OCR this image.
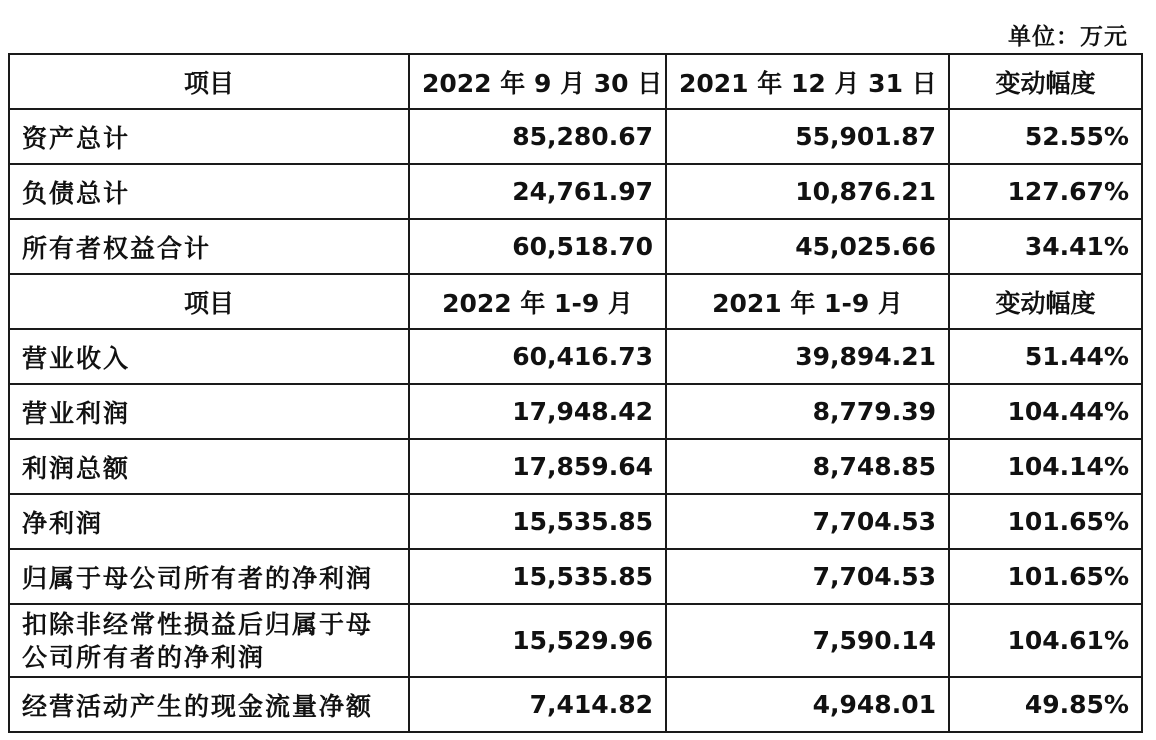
单位：万元
项目	2022 年 9 月 30 日	2021 年 12 月 31 日	变动幅度
资产总计	85,280.67	55,901.87	52.55%
负债总计	24,761.97	10,876.21	127.67%
所有者权益合计	60,518.70	45,025.66	34.41%
项目	2022 年 1-9 月	2021 年 1-9 月	变动幅度
营业收入	60,416.73	39,894.21	51.44%
营业利润	17,948.42	8,779.39	104.44%
利润总额	17,859.64	8,748.85	104.14%
净利润	15,535.85	7,704.53	101.65%
归属于母公司所有者的净利润	15,535.85	7,704.53	101.65%
扣除非经常性损益后归属于母公司所有者的净利润	15,529.96	7,590.14	104.61%
经营活动产生的现金流量净额	7,414.82	4,948.01	49.85%
